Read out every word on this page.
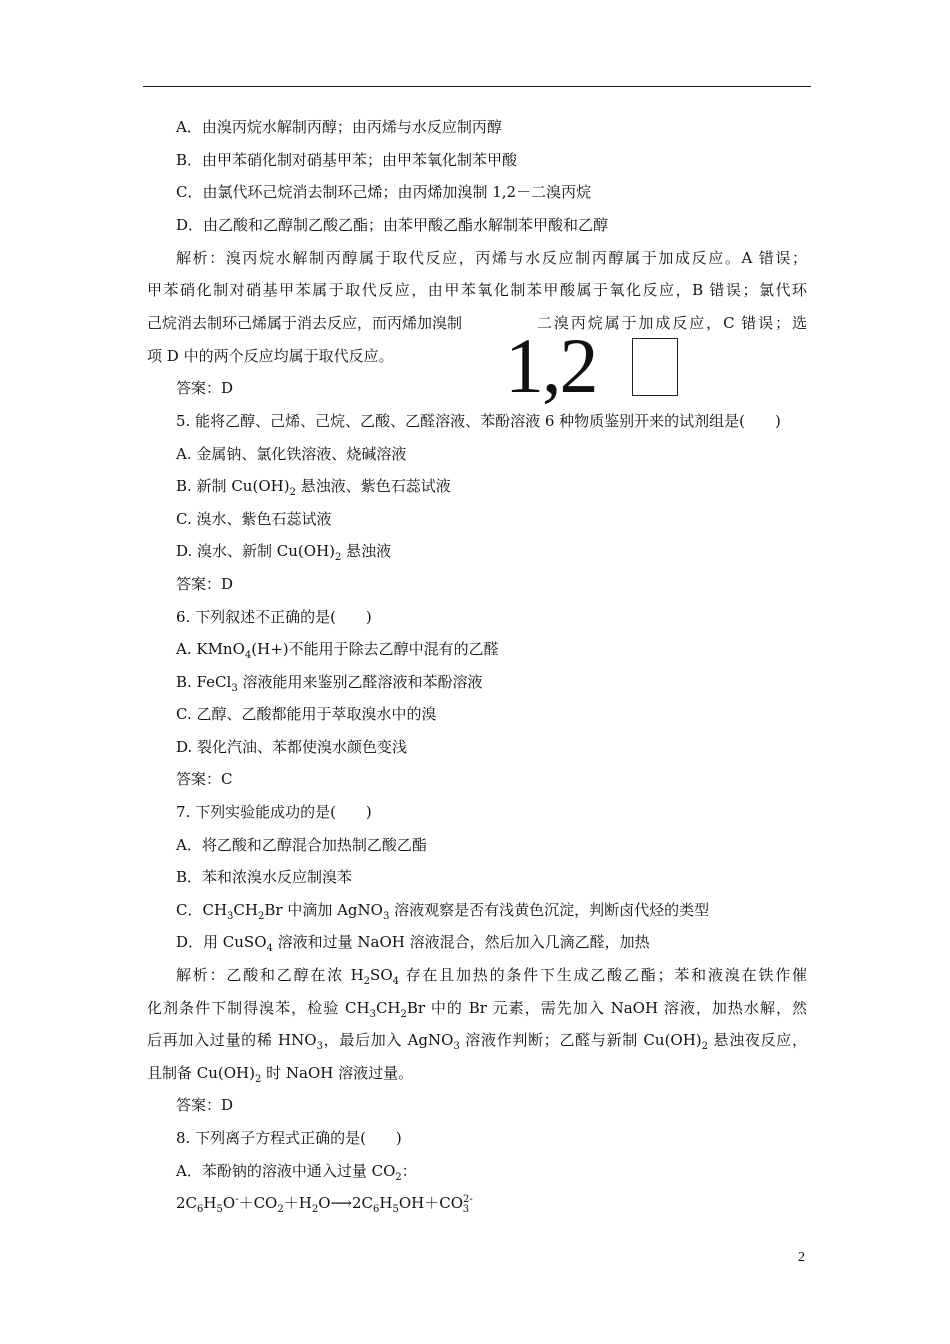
A．由溴丙烷水解制丙醇；由丙烯与水反应制丙醇
B．由甲苯硝化制对硝基甲苯；由甲苯氧化制苯甲酸
C．由氯代环己烷消去制环己烯；由丙烯加溴制 1,2－二溴丙烷
D．由乙酸和乙醇制乙酸乙酯；由苯甲酸乙酯水解制苯甲酸和乙醇
解析：溴丙烷水解制丙醇属于取代反应，丙烯与水反应制丙醇属于加成反应。A 错误；
甲苯硝化制对硝基甲苯属于取代反应，由甲苯氧化制苯甲酸属于氧化反应，B 错误；氯代环
己烷消去制环己烯属于消去反应，而丙烯加溴制	二溴丙烷属于加成反应，C 错误；选
项 D 中的两个反应均属于取代反应。 1,2
答案：D
5. 能将乙醇、己烯、己烷、乙酸、乙醛溶液、苯酚溶液 6 种物质鉴别开来的试剂组是(　　)
A. 金属钠、氯化铁溶液、烧碱溶液
B. 新制 $Cu(OH)_2$ 悬浊液、紫色石蕊试液
C. 溴水、紫色石蕊试液
D. 溴水、新制 $Cu(OH)_2$ 悬浊液
答案：D
6. 下列叙述不正确的是(　　)
A. KMnO$_4$(H+)不能用于除去乙醇中混有的乙醛
B. FeCl$_3$ 溶液能用来鉴别乙醛溶液和苯酚溶液
C. 乙醇、乙酸都能用于萃取溴水中的溴
D. 裂化汽油、苯都使溴水颜色变浅
答案：C
7. 下列实验能成功的是(　　)
A．将乙酸和乙醇混合加热制乙酸乙酯
B．苯和浓溴水反应制溴苯
C．$CH_3CH_2Br$ 中滴加 AgNO$_3$ 溶液观察是否有浅黄色沉淀，判断卤代烃的类型
D．用 CuSO$_4$ 溶液和过量 NaOH 溶液混合，然后加入几滴乙醛，加热
解析：乙酸和乙醇在浓 $H_2SO_4$ 存在且加热的条件下生成乙酸乙酯；苯和液溴在铁作催
化剂条件下制得溴苯，检验 $CH_3CH_2Br$ 中的 Br 元素，需先加入 NaOH 溶液，加热水解，然
后再加入过量的稀 $HNO_3$，最后加入 AgNO$_3$ 溶液作判断；乙醛与新制 $Cu(OH)_2$ 悬浊夜反应，
且制备 $Cu(OH)_2$ 时 NaOH 溶液过量。
答案：D
8. 下列离子方程式正确的是(　　)
A．苯酚钠的溶液中通入过量 $CO_2$：
$2C_6H_5O^-+CO_2+H_2O⟶2C_6H_5OH+CO^{2-}_3$
2
